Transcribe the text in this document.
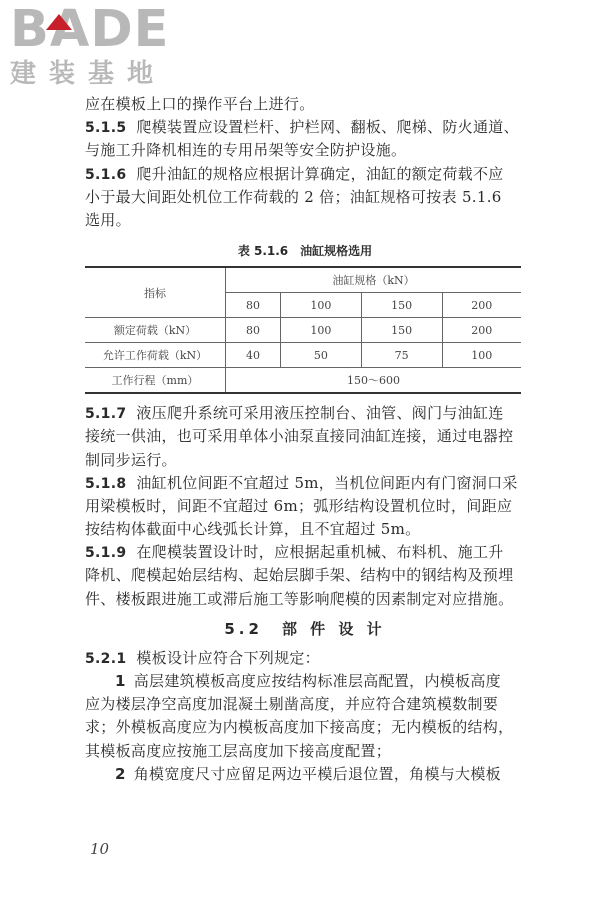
BADE
建装基地
应在模板上口的操作平台上进行。
5.1.5 爬模装置应设置栏杆、护栏网、翻板、爬梯、防火通道、
与施工升降机相连的专用吊架等安全防护设施。
5.1.6 爬升油缸的规格应根据计算确定，油缸的额定荷载不应
小于最大间距处机位工作荷载的 2 倍；油缸规格可按表 5.1.6
选用。
表 5.1.6　油缸规格选用
指标	油缸规格（kN）			
	80	100	150	200
额定荷载（kN）	80	100	150	200
允许工作荷载（kN）	40	50	75	100
工作行程（mm）	150～600			
5.1.7 液压爬升系统可采用液压控制台、油管、阀门与油缸连
接统一供油，也可采用单体小油泵直接同油缸连接，通过电器控
制同步运行。
5.1.8 油缸机位间距不宜超过 5m，当机位间距内有门窗洞口采
用梁模板时，间距不宜超过 6m；弧形结构设置机位时，间距应
按结构体截面中心线弧长计算，且不宜超过 5m。
5.1.9 在爬模装置设计时，应根据起重机械、布料机、施工升
降机、爬模起始层结构、起始层脚手架、结构中的钢结构及预埋
件、楼板跟进施工或滞后施工等影响爬模的因素制定对应措施。
5.2　部 件 设 计
5.2.1 模板设计应符合下列规定：
1 高层建筑模板高度应按结构标准层高配置，内模板高度
应为楼层净空高度加混凝土剔凿高度，并应符合建筑模数制要
求；外模板高度应为内模板高度加下接高度；无内模板的结构，
其模板高度应按施工层高度加下接高度配置；
2 角模宽度尺寸应留足两边平模后退位置，角模与大模板
10
